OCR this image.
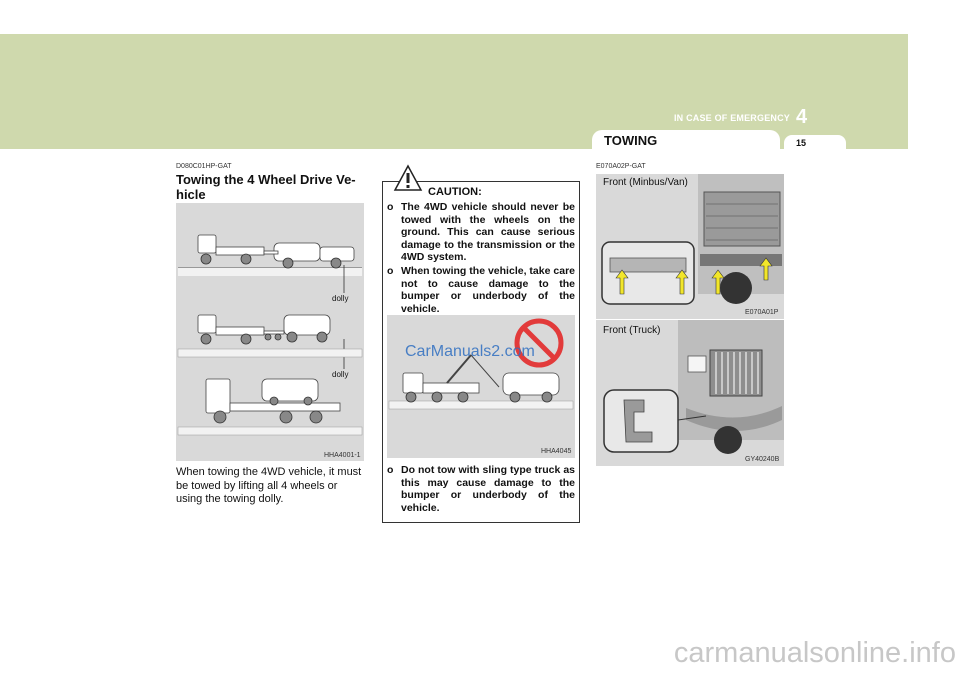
IN CASE OF EMERGENCY 4
TOWING	15
D080C01HP-GAT
Towing the 4 Wheel Drive Ve-
hicle
dolly
dolly
HHA4001-1
When towing the 4WD vehicle, it must be towed by lifting all 4 wheels or using the towing dolly.
CAUTION:
o The 4WD vehicle should never be towed with the wheels on the ground. This can cause serious damage to the transmission or the 4WD system.
o When towing the vehicle, take care not to cause damage to the bumper or underbody of the vehicle.
CarManuals2.com
HHA4045
o Do not tow with sling type truck as this may cause damage to the bumper or underbody of the vehicle.
E070A02P-GAT
Front (Minbus/Van)
E070A01P
Front (Truck)
GY40240B
carmanualsonline.info
